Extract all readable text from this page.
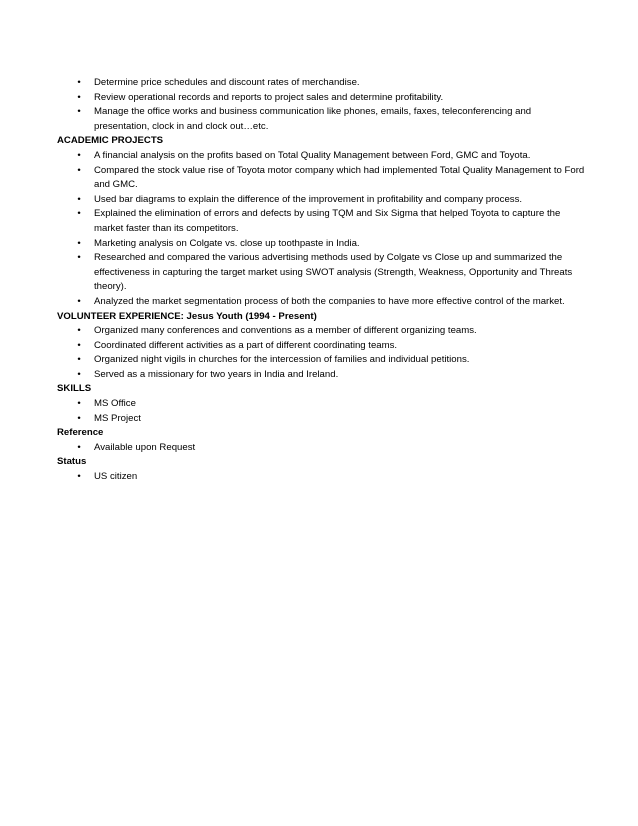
•	Determine price schedules and discount rates of merchandise.
•	Review operational records and reports to project sales and determine profitability.
•	Manage the office works and business communication like phones, emails, faxes, teleconferencing and presentation, clock in and clock out…etc.
ACADEMIC PROJECTS
•	A financial analysis on the profits based on Total Quality Management between Ford, GMC and Toyota.
•	Compared the stock value rise of Toyota motor company which had implemented Total Quality Management to Ford and GMC.
•	Used bar diagrams to explain the difference of the improvement in profitability and company process.
•	Explained the elimination of errors and defects by using TQM and Six Sigma that helped Toyota to capture the market faster than its competitors.
•	Marketing analysis on Colgate vs. close up toothpaste in India.
•	Researched and compared the various advertising methods used by Colgate vs Close up and summarized the effectiveness in capturing the target market using SWOT analysis (Strength, Weakness, Opportunity and Threats theory).
•	Analyzed the market segmentation process of both the companies to have more effective control of the market.
VOLUNTEER EXPERIENCE: Jesus Youth (1994 - Present)
•	Organized many conferences and conventions as a member of different organizing teams.
•	Coordinated different activities as a part of different coordinating teams.
•	Organized night vigils in churches for the intercession of families and individual petitions.
•	Served as a missionary for two years in India and Ireland.
SKILLS
•	MS Office
•	MS Project
Reference
•	Available upon Request
Status
•	US citizen
